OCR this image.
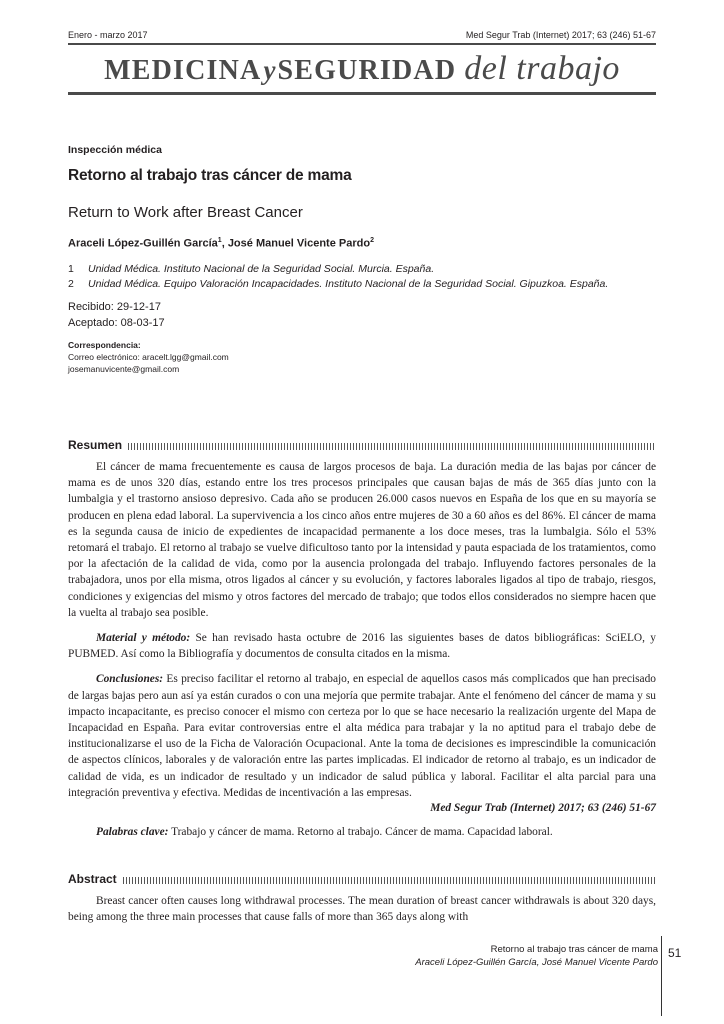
Enero - marzo 2017	Med Segur Trab (Internet) 2017; 63 (246) 51-67
MEDICINAySEGURIDAD del trabajo
Inspección médica
Retorno al trabajo tras cáncer de mama
Return to Work after Breast Cancer
Araceli López-Guillén García$^1$, José Manuel Vicente Pardo$^2$
1 Unidad Médica. Instituto Nacional de la Seguridad Social. Murcia. España.
2 Unidad Médica. Equipo Valoración Incapacidades. Instituto Nacional de la Seguridad Social. Gipuzkoa. España.
Recibido: 29-12-17
Aceptado: 08-03-17
Correspondencia:
Correo electrónico: aracelt.lgg@gmail.com
josemanuvicente@gmail.com
Resumen

El cáncer de mama frecuentemente es causa de largos procesos de baja. La duración media de las bajas por cáncer de mama es de unos 320 días, estando entre los tres procesos principales que causan bajas de más de 365 días junto con la lumbalgia y el trastorno ansioso depresivo. Cada año se producen 26.000 casos nuevos en España de los que en su mayoría se producen en plena edad laboral. La supervivencia a los cinco años entre mujeres de 30 a 60 años es del 86%. El cáncer de mama es la segunda causa de inicio de expedientes de incapacidad permanente a los doce meses, tras la lumbalgia. Sólo el 53% retomará el trabajo. El retorno al trabajo se vuelve dificultoso tanto por la intensidad y pauta espaciada de los tratamientos, como por la afectación de la calidad de vida, como por la ausencia prolongada del trabajo. Influyendo factores personales de la trabajadora, unos por ella misma, otros ligados al cáncer y su evolución, y factores laborales ligados al tipo de trabajo, riesgos, condiciones y exigencias del mismo y otros factores del mercado de trabajo; que todos ellos considerados no siempre hacen que la vuelta al trabajo sea posible.

Material y método: Se han revisado hasta octubre de 2016 las siguientes bases de datos bibliográficas: SciELO, y PUBMED. Así como la Bibliografía y documentos de consulta citados en la misma.

Conclusiones: Es preciso facilitar el retorno al trabajo, en especial de aquellos casos más complicados que han precisado de largas bajas pero aun así ya están curados o con una mejoría que permite trabajar. Ante el fenómeno del cáncer de mama y su impacto incapacitante, es preciso conocer el mismo con certeza por lo que se hace necesario la realización urgente del Mapa de Incapacidad en España. Para evitar controversias entre el alta médica para trabajar y la no aptitud para el trabajo debe de institucionalizarse el uso de la Ficha de Valoración Ocupacional. Ante la toma de decisiones es imprescindible la comunicación de aspectos clínicos, laborales y de valoración entre las partes implicadas. El indicador de retorno al trabajo, es un indicador de calidad de vida, es un indicador de resultado y un indicador de salud pública y laboral. Facilitar el alta parcial para una integración preventiva y efectiva. Medidas de incentivación a las empresas.

Med Segur Trab (Internet) 2017; 63 (246) 51-67
Palabras clave: Trabajo y cáncer de mama. Retorno al trabajo. Cáncer de mama. Capacidad laboral.
Abstract

Breast cancer often causes long withdrawal processes. The mean duration of breast cancer withdrawals is about 320 days, being among the three main processes that cause falls of more than 365 days along with

Retorno al trabajo tras cáncer de mama
Araceli López-Guillén García, José Manuel Vicente Pardo
51
